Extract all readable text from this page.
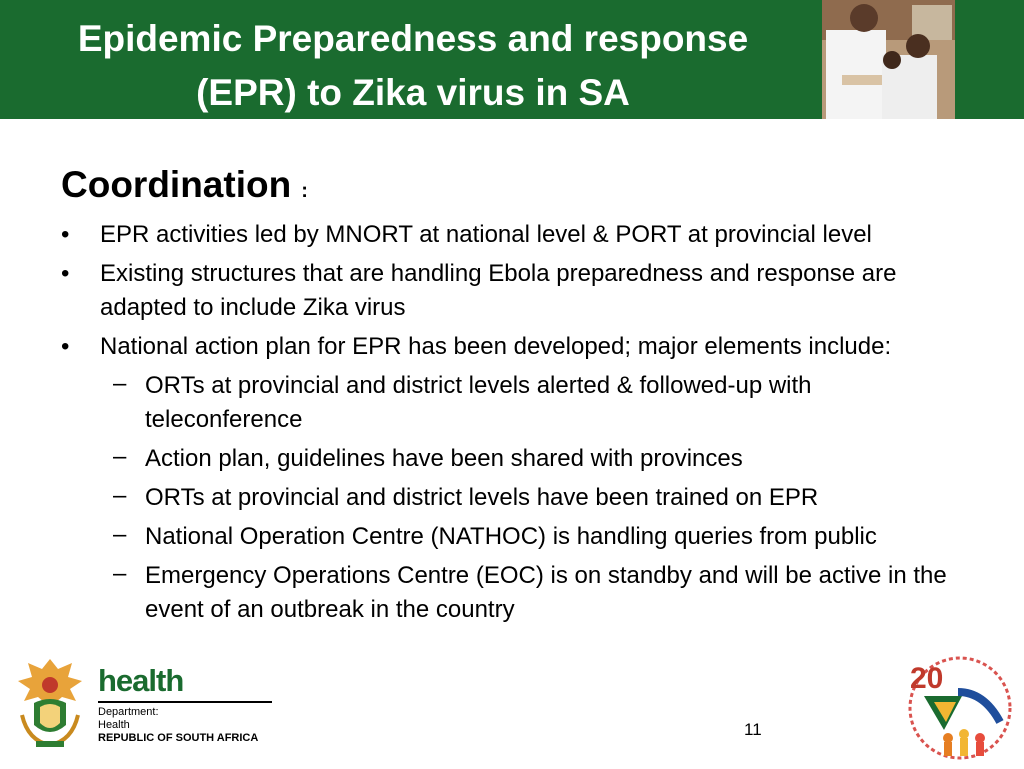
Epidemic Preparedness and response
(EPR) to Zika virus in SA
Coordination :
•	EPR activities led by MNORT at national level & PORT at provincial level
•	Existing structures that are handling Ebola preparedness and response are adapted to include Zika virus
•	National action plan for EPR has been developed; major elements include:
– ORTs at provincial and district levels alerted & followed-up with teleconference
– Action plan, guidelines have been shared with provinces
– ORTs at provincial and district levels have been trained on EPR
– National Operation Centre (NATHOC) is handling queries from public
– Emergency Operations Centre (EOC) is on standby and will be active in the event of an outbreak in the country
health
Department:
Health
REPUBLIC OF SOUTH AFRICA	11
20
